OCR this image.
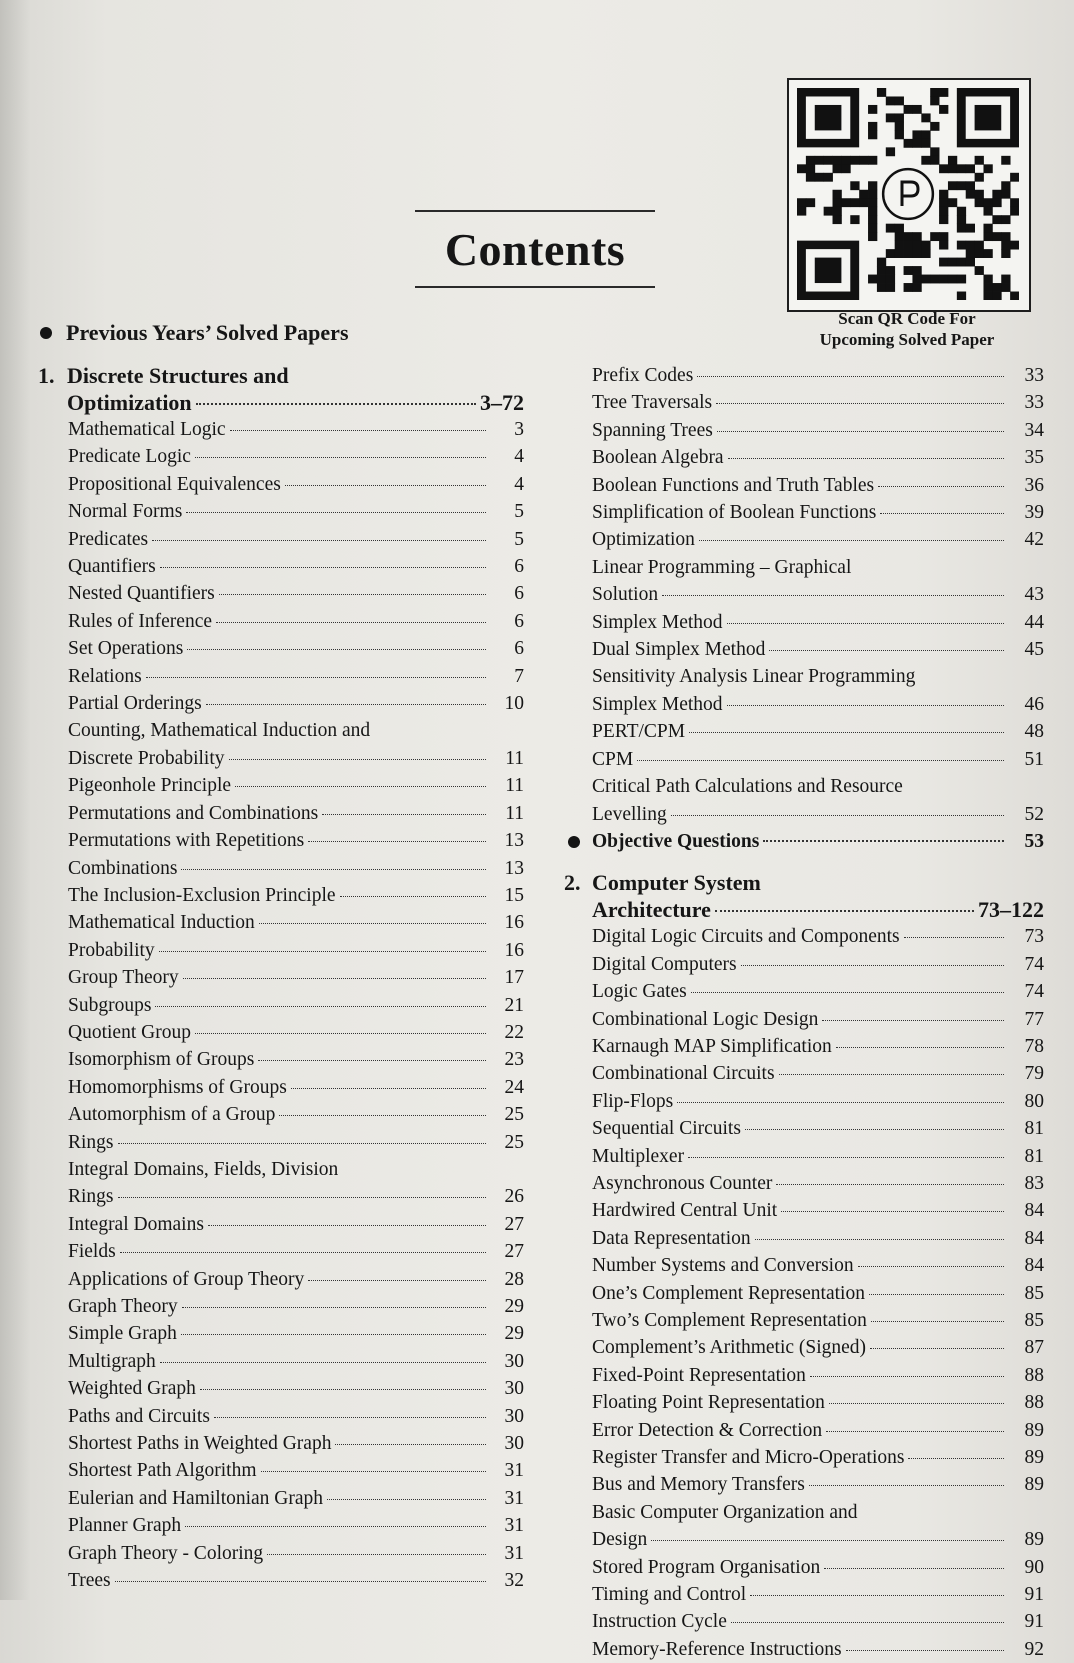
Contents
Scan QR Code For
Upcoming Solved Paper
Previous Years’ Solved Papers
1. Discrete Structures and
Optimization	3–72
Mathematical Logic	3
Predicate Logic	4
Propositional Equivalences	4
Normal Forms	5
Predicates	5
Quantifiers	6
Nested Quantifiers	6
Rules of Inference	6
Set Operations	6
Relations	7
Partial Orderings	10
Counting, Mathematical Induction and
Discrete Probability	11
Pigeonhole Principle	11
Permutations and Combinations	11
Permutations with Repetitions	13
Combinations	13
The Inclusion-Exclusion Principle	15
Mathematical Induction	16
Probability	16
Group Theory	17
Subgroups	21
Quotient Group	22
Isomorphism of Groups	23
Homomorphisms of Groups	24
Automorphism of a Group	25
Rings	25
Integral Domains, Fields, Division
Rings	26
Integral Domains	27
Fields	27
Applications of Group Theory	28
Graph Theory	29
Simple Graph	29
Multigraph	30
Weighted Graph	30
Paths and Circuits	30
Shortest Paths in Weighted Graph	30
Shortest Path Algorithm	31
Eulerian and Hamiltonian Graph	31
Planner Graph	31
Graph Theory - Coloring	31
Trees	32
Prefix Codes	33
Tree Traversals	33
Spanning Trees	34
Boolean Algebra	35
Boolean Functions and Truth Tables	36
Simplification of Boolean Functions	39
Optimization	42
Linear Programming – Graphical
Solution	43
Simplex Method	44
Dual Simplex Method	45
Sensitivity Analysis Linear Programming
Simplex Method	46
PERT/CPM	48
CPM	51
Critical Path Calculations and Resource
Levelling	52
Objective Questions	53
2. Computer System
Architecture	73–122
Digital Logic Circuits and Components	73
Digital Computers	74
Logic Gates	74
Combinational Logic Design	77
Karnaugh MAP Simplification	78
Combinational Circuits	79
Flip-Flops	80
Sequential Circuits	81
Multiplexer	81
Asynchronous Counter	83
Hardwired Central Unit	84
Data Representation	84
Number Systems and Conversion	84
One’s Complement Representation	85
Two’s Complement Representation	85
Complement’s Arithmetic (Signed)	87
Fixed-Point Representation	88
Floating Point Representation	88
Error Detection & Correction	89
Register Transfer and Micro-Operations	89
Bus and Memory Transfers	89
Basic Computer Organization and
Design	89
Stored Program Organisation	90
Timing and Control	91
Instruction Cycle	91
Memory-Reference Instructions	92
